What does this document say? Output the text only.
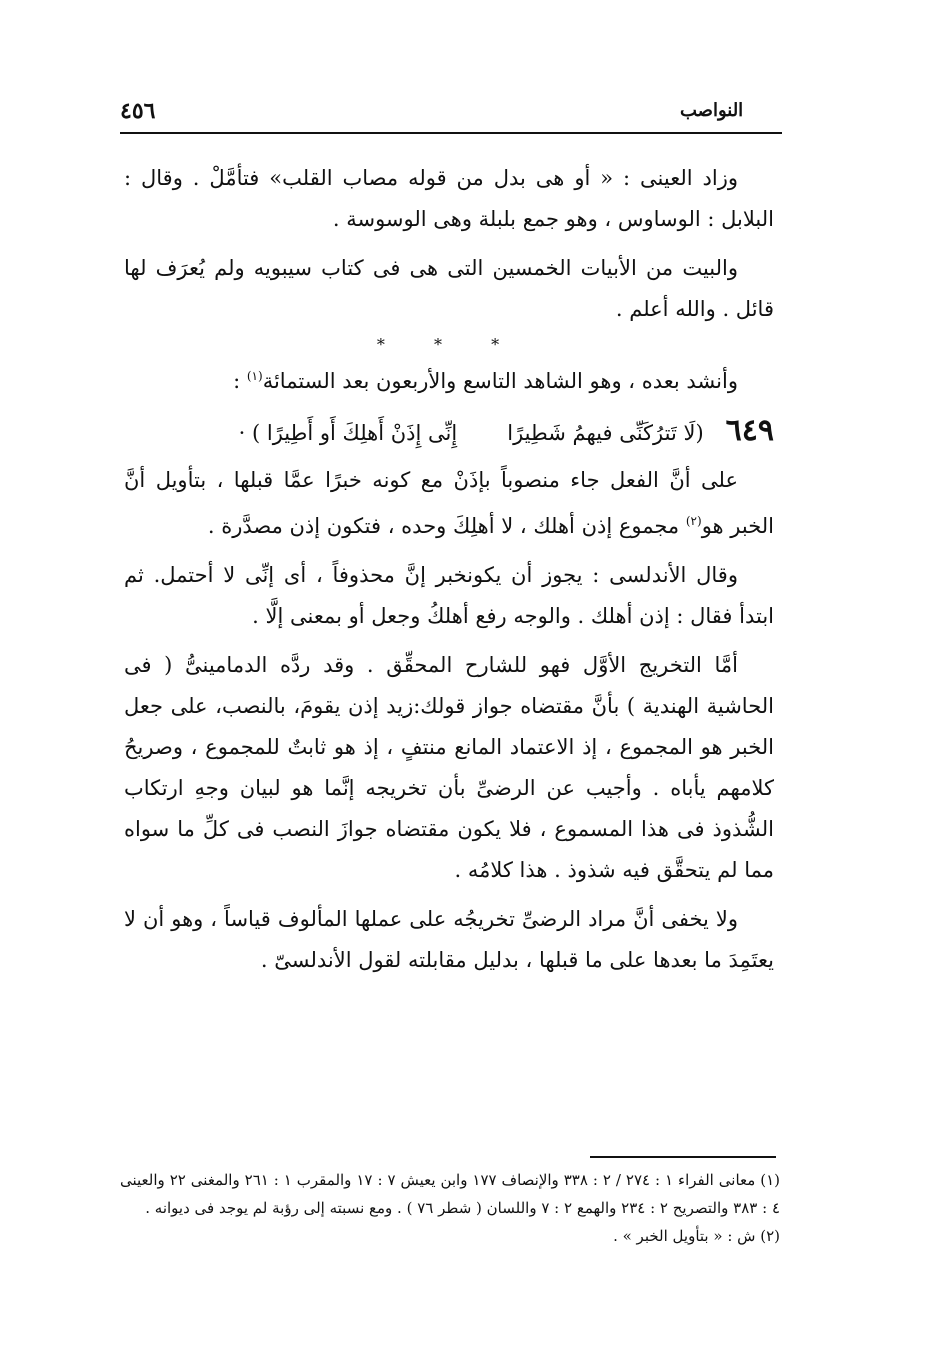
٤٥٦	النواصب

وزاد العينى : « أو هى بدل من قوله مصاب القلب» فتأمَّلْ . وقال : البلابل : الوساوس ، وهو جمع بلبلة وهى الوسوسة .

والبيت من الأبيات الخمسين التى هى فى كتاب سيبويه ولم يُعرَف لها قائل . والله أعلم .

* * *

وأنشد بعده ، وهو الشاهد التاسع والأربعون بعد الستمائة$^{(١)}$ :

٦٤٩
(لَا تَترُكَنِّى فيهمُ شَطِيرًا
إِنِّى إِذَنْ أَهلِكَ أَو أَطِيرًا ) ·

على أنَّ الفعل جاء منصوباً بإذَنْ مع كونه خبرًا عمَّا قبلها ، بتأويل أنَّ الخبر هو$^{(٢)}$ مجموع إذن أهلك ، لا أهلِكَ وحده ، فتكون إذن مصدَّرة .

وقال الأندلسى : يجوز أن يكونخبر إنَّ محذوفاً ، أى إنِّى لا أحتمل. ثم ابتدأ فقال : إذن أهلك . والوجه رفع أهلكُ وجعل أو بمعنى إلَّا .

أمَّا التخريج الأوَّل فهو للشارح المحقِّق . وقد ردَّه الدمامينىُّ ( فى الحاشية الهندية ) بأنَّ مقتضاه جواز قولك:زيد إذن يقومَ، بالنصب، على جعل الخبر هو المجموع ، إذ الاعتماد المانع منتفٍ ، إذ هو ثابتٌ للمجموع ، وصريحُ كلامهم يأباه . وأجيب عن الرضىِّ بأن تخريجه إنَّما هو لبيان وجهِ ارتكاب الشُّذوذ فى هذا المسموع ، فلا يكون مقتضاه جوازَ النصب فى كلِّ ما سواه مما لم يتحقَّق فيه شذوذ . هذا كلامُه .

ولا يخفى أنَّ مراد الرضىِّ تخريجُه على عملها المألوف قياساً ، وهو أن لا يعتَمِدَ ما بعدها على ما قبلها ، بدليل مقابلته لقول الأندلسىّ .

(١) معانى الفراء ١ : ٢٧٤ / ٢ : ٣٣٨ والإنصاف ١٧٧ وابن يعيش ٧ : ١٧ والمقرب ١ : ٢٦١ والمغنى ٢٢ والعينى ٤ : ٣٨٣ والتصريح ٢ : ٢٣٤ والهمع ٢ : ٧ واللسان ( شطر ٧٦ ) . ومع نسبته إلى رؤبة لم يوجد فى ديوانه .

(٢) ش : « بتأويل الخبر » .
